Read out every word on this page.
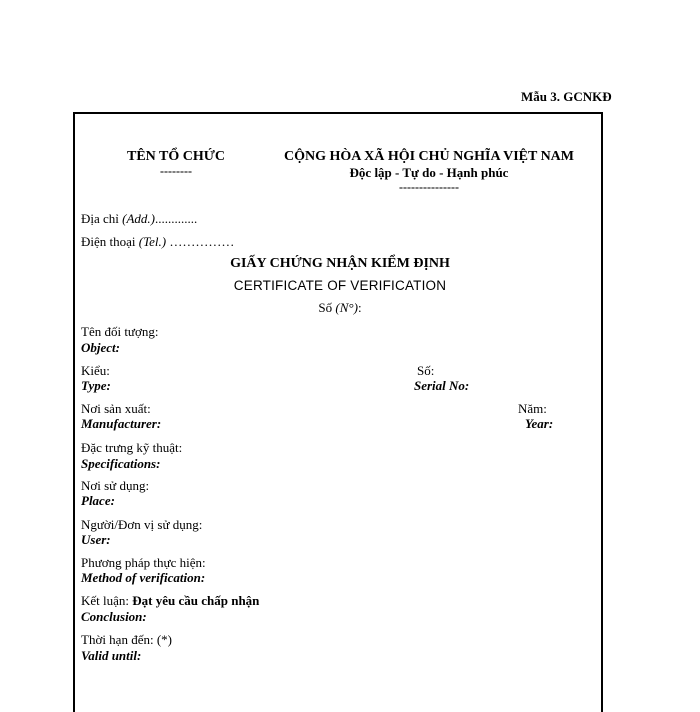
Mẫu 3. GCNKĐ
TÊN TỔ CHỨC
--------
CỘNG HÒA XÃ HỘI CHỦ NGHĨA VIỆT NAM
Độc lập - Tự do - Hạnh phúc
---------------
Địa chỉ (Add.).............
Điện thoại (Tel.) ……………
GIẤY CHỨNG NHẬN KIỂM ĐỊNH
CERTIFICATE OF VERIFICATION
Số (N°):
Tên đối tượng:
Object:
Kiểu:
Type:
Số:
Serial No:
Nơi sản xuất:
Manufacturer:
Năm:
Year:
Đặc trưng kỹ thuật:
Specifications:
Nơi sử dụng:
Place:
Người/Đơn vị sử dụng:
User:
Phương pháp thực hiện:
Method of verification:
Kết luận: Đạt yêu cầu chấp nhận
Conclusion:
Thời hạn đến: (*)
Valid until:
